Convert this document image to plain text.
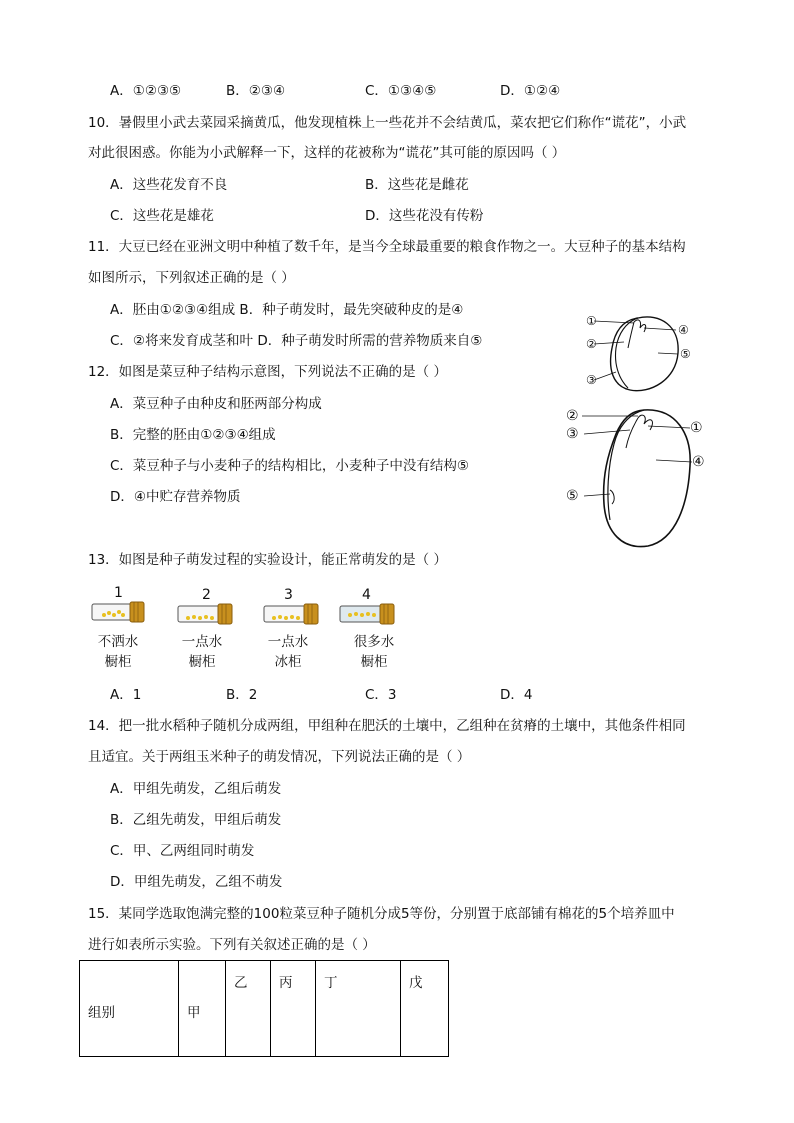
A．①②③⑤	B．②③④	C．①③④⑤	D．①②④
10．暑假里小武去菜园采摘黄瓜，他发现植株上一些花并不会结黄瓜，菜农把它们称作“谎花”，小武
对此很困惑。你能为小武解释一下，这样的花被称为“谎花”其可能的原因吗（ ）
A．这些花发育不良	B．这些花是雌花
C．这些花是雄花	D．这些花没有传粉
11．大豆已经在亚洲文明中种植了数千年，是当今全球最重要的粮食作物之一。大豆种子的基本结构
如图所示，下列叙述正确的是（ ）
A．胚由①②③④组成 B．种子萌发时，最先突破种皮的是④
C．②将来发育成茎和叶 D．种子萌发时所需的营养物质来自⑤
12．如图是菜豆种子结构示意图，下列说法不正确的是（ ）
A．菜豆种子由种皮和胚两部分构成
B．完整的胚由①②③④组成
C．菜豆种子与小麦种子的结构相比，小麦种子中没有结构⑤
D．④中贮存营养物质
①
②
③
④
⑤
②
③
⑤
①
④
13．如图是种子萌发过程的实验设计，能正常萌发的是（ ）
1
不洒水
橱柜
2
一点水
橱柜
3
一点水
冰柜
4
很多水
橱柜
A．1	B．2	C．3	D．4
14．把一批水稻种子随机分成两组，甲组种在肥沃的土壤中，乙组种在贫瘠的土壤中，其他条件相同
且适宜。关于两组玉米种子的萌发情况，下列说法正确的是（ ）
A．甲组先萌发，乙组后萌发
B．乙组先萌发，甲组后萌发
C．甲、乙两组同时萌发
D．甲组先萌发，乙组不萌发
15．某同学选取饱满完整的100粒菜豆种子随机分成5等份，分别置于底部铺有棉花的5个培养皿中
进行如表所示实验。下列有关叙述正确的是（ ）
组别	甲	乙	丙	丁	戊
